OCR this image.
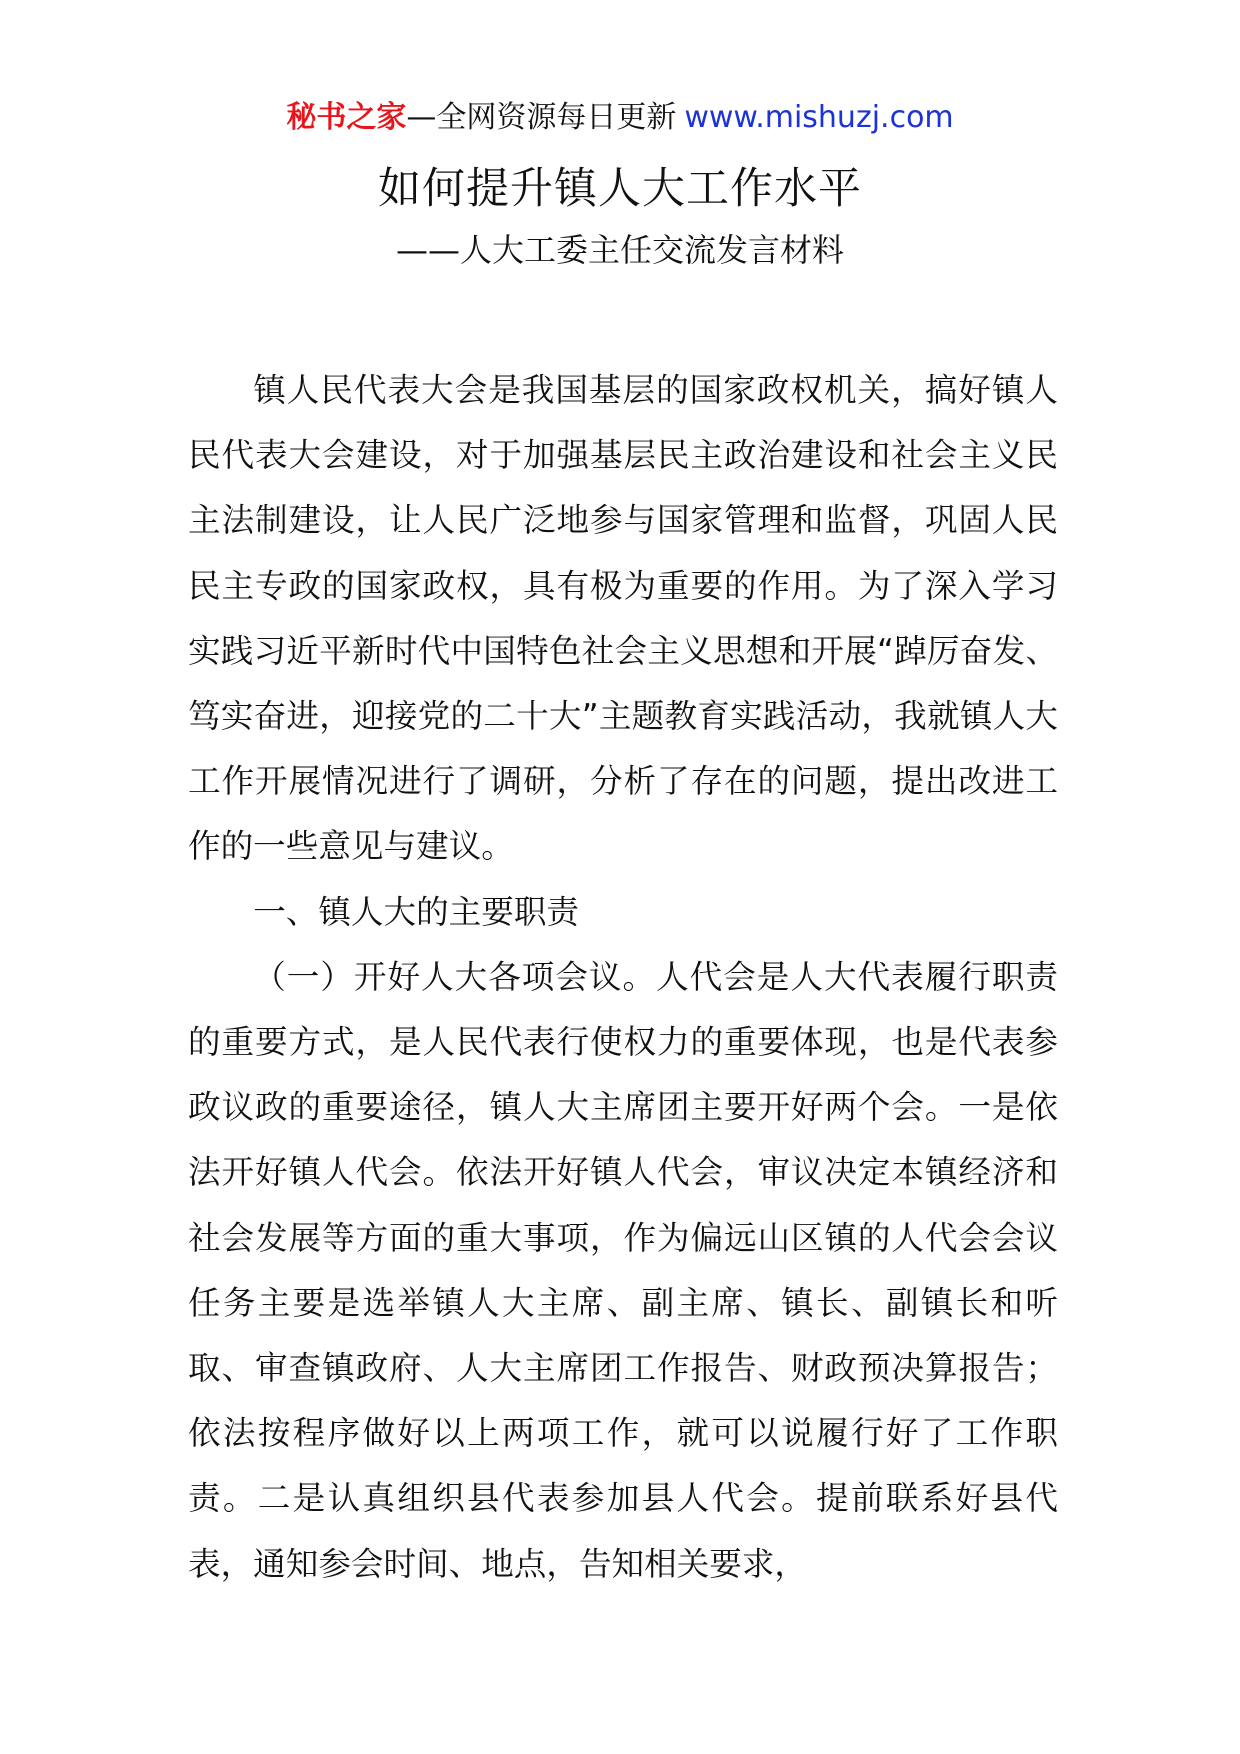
秘书之家—全网资源每日更新 www.mishuzj.com
如何提升镇人大工作水平
——人大工委主任交流发言材料

镇人民代表大会是我国基层的国家政权机关，搞好镇人民代表大会建设，对于加强基层民主政治建设和社会主义民主法制建设，让人民广泛地参与国家管理和监督，巩固人民民主专政的国家政权，具有极为重要的作用。为了深入学习实践习近平新时代中国特色社会主义思想和开展“踔厉奋发、笃实奋进，迎接党的二十大”主题教育实践活动，我就镇人大工作开展情况进行了调研，分析了存在的问题，提出改进工作的一些意见与建议。

一、镇人大的主要职责

（一）开好人大各项会议。人代会是人大代表履行职责的重要方式，是人民代表行使权力的重要体现，也是代表参政议政的重要途径，镇人大主席团主要开好两个会。一是依法开好镇人代会。依法开好镇人代会，审议决定本镇经济和社会发展等方面的重大事项，作为偏远山区镇的人代会会议任务主要是选举镇人大主席、副主席、镇长、副镇长和听取、审查镇政府、人大主席团工作报告、财政预决算报告；依法按程序做好以上两项工作，就可以说履行好了工作职责。二是认真组织县代表参加县人代会。提前联系好县代表，通知参会时间、地点，告知相关要求，
